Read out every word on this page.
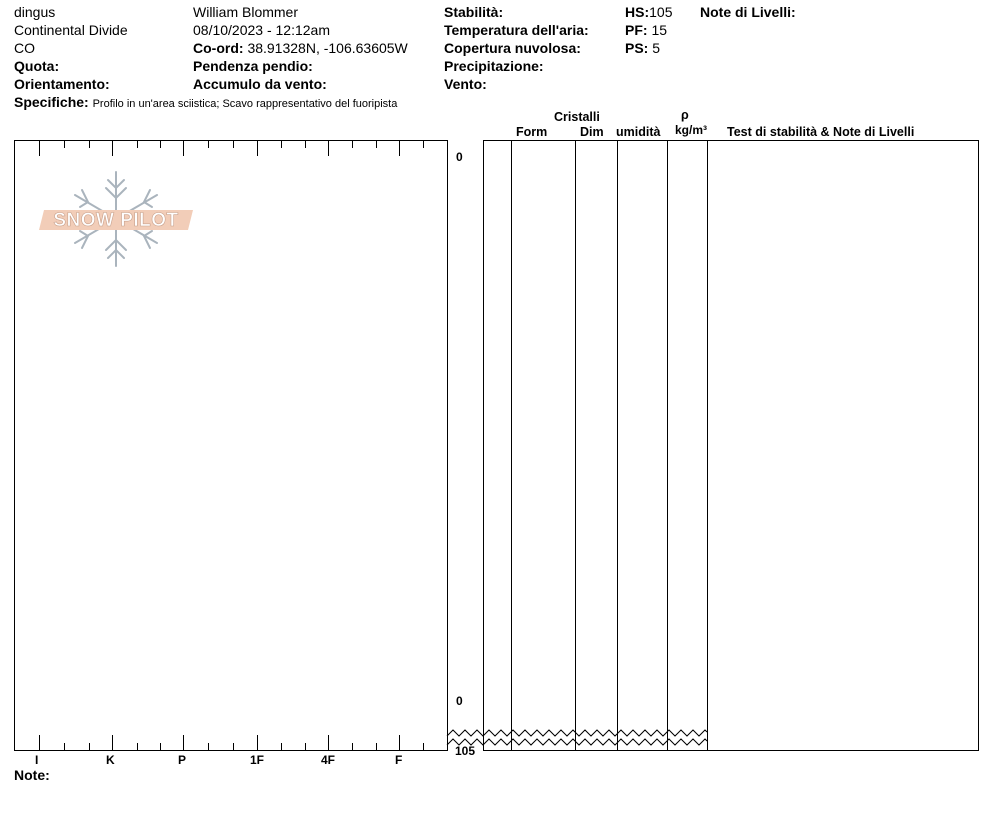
dingus
Continental Divide
CO
Quota:
Orientamento:
William Blommer
08/10/2023 - 12:12am
Co-ord: 38.91328N, -106.63605W
Pendenza pendio:
Accumulo da vento:
Stabilità:
Temperatura dell'aria:
Copertura nuvolosa:
Precipitazione:
Vento:
HS:105
PF: 15
PS: 5
Note di Livelli:
Specifiche: Profilo in un'area sciistica; Scavo rappresentativo del fuoripista
Cristalli
Form	Dim umidità
ρ
kg/m³ Test di stabilità & Note di Livelli
SNOW PILOT
0
0
105
I	K	P	1F	4F	F
Note:
